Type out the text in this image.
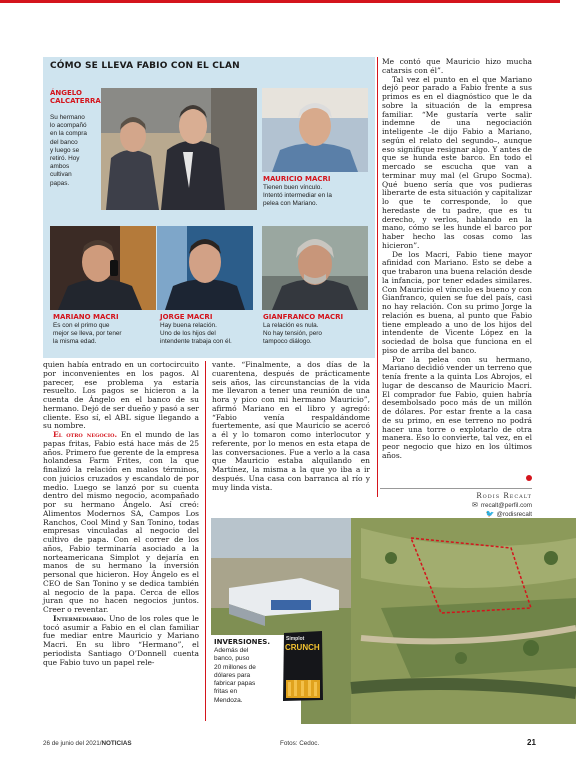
CÓMO SE LLEVA FABIO CON EL CLAN
ÁNGELO
CALCATERRA
Su hermano
lo acompañó
en la compra
del banco
y luego se
retiró. Hoy
ambos
cultivan
papas.
MAURICIO MACRI
Tienen buen vínculo.
Intentó intermediar en la
pelea con Mariano.
MARIANO MACRI
Es con el primo que
mejor se lleva, por tener
la misma edad.
JORGE MACRI
Hay buena relación.
Uno de los hijos del
intendente trabaja con él.
GIANFRANCO MACRI
La relación es nula.
No hay tensión, pero
tampoco diálogo.

quien había entrado en un cortocircuito por inconvenientes en los pagos. Al parecer, ese problema ya estaría resuelto. Los pagos se hicieron a la cuenta de Ángelo en el banco de su hermano. Dejó de ser dueño y pasó a ser cliente. Eso sí, el ABL sigue llegando a su nombre.

El otro negocio. En el mundo de las papas fritas, Fabio está hace más de 25 años. Primero fue gerente de la empresa holandesa Farm Frites, con la que finalizó la relación en malos términos, con juicios cruzados y escandalo de por medio. Luego se lanzó por su cuenta dentro del mismo negocio, acompañado por su hermano Ángelo. Así creó: Alimentos Modernos SA, Campos Los Ranchos, Cool Mind y San Tonino, todas empresas vinculadas al negocio del cultivo de papa. Con el correr de los años, Fabio terminaría asociado a la norteamericana Simplot y dejaría en manos de su hermano la inversión personal que hicieron. Hoy Ángelo es el CEO de San Tonino y se dedica también al negocio de la papa. Cerca de ellos juran que no hacen negocios juntos. Creer o reventar.

Intermediario. Uno de los roles que le tocó asumir a Fabio en el clan familiar fue mediar entre Mauricio y Mariano Macri. En su libro “Hermano”, el periodista Santiago O’Donnell cuenta que Fabio tuvo un papel rele-

vante. “Finalmente, a dos días de la cuarentena, después de prácticamente seis años, las circunstancias de la vida me llevaron a tener una reunión de una hora y pico con mi hermano Mauricio”, afirmó Mariano en el libro y agregó: “Fabio venía respaldándome fuertemente, así que Mauricio se acercó a él y lo tomaron como interlocutor y referente, por lo menos en esta etapa de las conversaciones. Fue a verlo a la casa que Mauricio estaba alquilando en Martínez, la misma a la que yo iba a ir después. Una casa con barranca al río y muy linda vista.

Me contó que Mauricio hizo mucha catarsis con él”.

Tal vez el punto en el que Mariano dejó peor parado a Fabio frente a sus primos es en el diagnóstico que le da sobre la situación de la empresa familiar. “Me gustaría verte salir indemne de una negociación inteligente –le dijo Fabio a Mariano, según el relato del segundo–, aunque eso signifique resignar algo. Y antes de que se hunda este barco. En todo el mercado se escucha que van a terminar muy mal (el Grupo Socma). Qué bueno sería que vos pudieras liberarte de esta situación y capitalizar lo que te corresponde, lo que heredaste de tu padre, que es tu derecho, y verlos, hablando en la mano, cómo se les hunde el barco por haber hecho las cosas como las hicieron”.

De los Macri, Fabio tiene mayor afinidad con Mariano. Esto se debe a que trabaron una buena relación desde la infancia, por tener edades similares. Con Mauricio el vínculo es bueno y con Gianfranco, quien se fue del país, casi no hay relación. Con su primo Jorge la relación es buena, al punto que Fabio tiene empleado a uno de los hijos del intendente de Vicente López en la sociedad de bolsa que funciona en el piso de arriba del banco.

Por la pelea con su hermano, Mariano decidió vender un terreno que tenía frente a la quinta Los Abrojos, el lugar de descanso de Mauricio Macri. El comprador fue Fabio, quien habría desembolsado poco más de un millón de dólares. Por estar frente a la casa de su primo, en ese terreno no podrá hacer una torre o explotarlo de otra manera. Eso lo convierte, tal vez, en el peor negocio que hizo en los últimos años.

Rodis Recalt
✉ rrecalt@perfil.com
🐦 @rodisrecalt
INVERSIONES.
Además del
banco, puso
20 millones de
dólares para
fabricar papas
fritas en
Mendoza.
Simplot
CRUNCH
26 de junio del 2021/NOTICIAS	Fotos: Cedoc.	21
